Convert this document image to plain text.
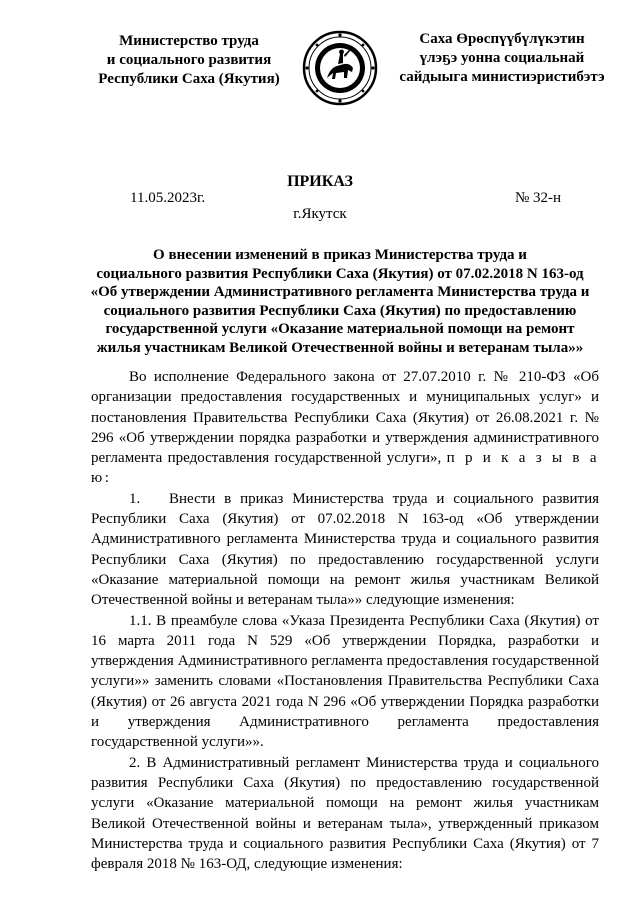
Министерство труда
и социального развития
Республики Саха (Якутия)
Саха Өрөспүүбүлүкэтин
үлэҕэ уонна социальнай
сайдыыга министиэристибэтэ
ПРИКАЗ
11.05.2023г.	№ 32-н
г.Якутск
О внесении изменений в приказ Министерства труда и
социального развития Республики Саха (Якутия) от 07.02.2018 N 163-од
«Об утверждении Административного регламента Министерства труда и
социального развития Республики Саха (Якутия) по предоставлению
государственной услуги «Оказание материальной помощи на ремонт
жилья участникам Великой Отечественной войны и ветеранам тыла»»

Во исполнение Федерального закона от 27.07.2010 г. № 210-ФЗ «Об организации предоставления государственных и муниципальных услуг» и постановления Правительства Республики Саха (Якутия) от 26.08.2021 г. № 296 «Об утверждении порядка разработки и утверждения административного регламента предоставления государственной услуги», п р и к а з ы в а ю:

1. Внести в приказ Министерства труда и социального развития Республики Саха (Якутия) от 07.02.2018 N 163-од «Об утверждении Административного регламента Министерства труда и социального развития Республики Саха (Якутия) по предоставлению государственной услуги «Оказание материальной помощи на ремонт жилья участникам Великой Отечественной войны и ветеранам тыла»» следующие изменения:

1.1. В преамбуле слова «Указа Президента Республики Саха (Якутия) от 16 марта 2011 года N 529 «Об утверждении Порядка, разработки и утверждения Административного регламента предоставления государственной услуги»» заменить словами «Постановления Правительства Республики Саха (Якутия) от 26 августа 2021 года N 296 «Об утверждении Порядка разработки и утверждения Административного регламента предоставления государственной услуги»».

2. В Административный регламент Министерства труда и социального развития Республики Саха (Якутия) по предоставлению государственной услуги «Оказание материальной помощи на ремонт жилья участникам Великой Отечественной войны и ветеранам тыла», утвержденный приказом Министерства труда и социального развития Республики Саха (Якутия) от 7 февраля 2018 № 163-ОД, следующие изменения:
